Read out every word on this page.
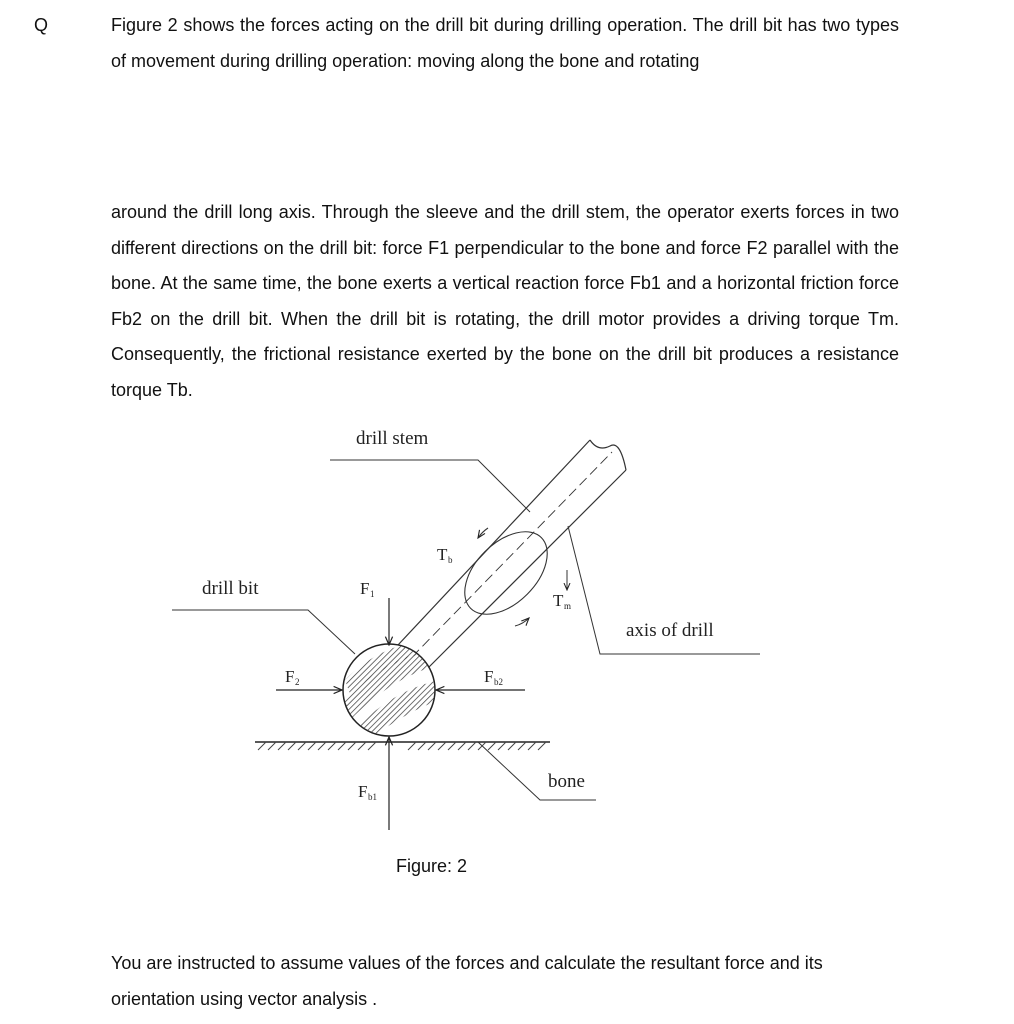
Q	Figure 2 shows the forces acting on the drill bit during drilling operation. The drill bit has two types of movement during drilling operation: moving along the bone and rotating

around the drill long axis. Through the sleeve and the drill stem, the operator exerts forces in two different directions on the drill bit: force F1 perpendicular to the bone and force F2 parallel with the bone. At the same time, the bone exerts a vertical reaction force Fb1 and a horizontal friction force Fb2 on the drill bit. When the drill bit is rotating, the drill motor provides a driving torque Tm. Consequently, the frictional resistance exerted by the bone on the drill bit produces a resistance torque Tb.

drill stem
drill bit
axis of drill
bone
T b
F 1	T m
F 2	F b2
F b1
Figure: 2

You are instructed to assume values of the forces and calculate the resultant force and its orientation using vector analysis .
